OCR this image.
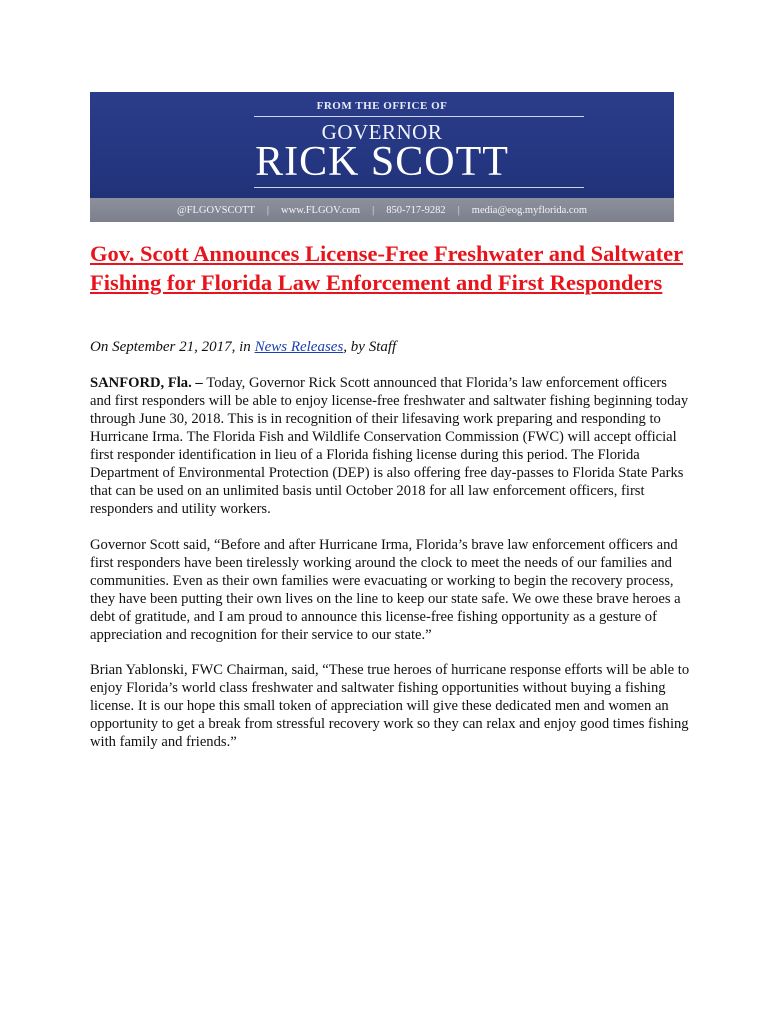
FROM THE OFFICE OF
GOVERNOR
RICK SCOTT
@FLGOVSCOTT | www.FLGOV.com | 850-717-9282 | media@eog.myflorida.com
Gov. Scott Announces License-Free Freshwater and Saltwater Fishing for Florida Law Enforcement and First Responders

On September 21, 2017, in News Releases, by Staff

SANFORD, Fla. – Today, Governor Rick Scott announced that Florida’s law enforcement officers and first responders will be able to enjoy license-free freshwater and saltwater fishing beginning today through June 30, 2018. This is in recognition of their lifesaving work preparing and responding to Hurricane Irma. The Florida Fish and Wildlife Conservation Commission (FWC) will accept official first responder identification in lieu of a Florida fishing license during this period. The Florida Department of Environmental Protection (DEP) is also offering free day-passes to Florida State Parks that can be used on an unlimited basis until October 2018 for all law enforcement officers, first responders and utility workers.

Governor Scott said, “Before and after Hurricane Irma, Florida’s brave law enforcement officers and first responders have been tirelessly working around the clock to meet the needs of our families and communities. Even as their own families were evacuating or working to begin the recovery process, they have been putting their own lives on the line to keep our state safe. We owe these brave heroes a debt of gratitude, and I am proud to announce this license-free fishing opportunity as a gesture of appreciation and recognition for their service to our state.”

Brian Yablonski, FWC Chairman, said, “These true heroes of hurricane response efforts will be able to enjoy Florida’s world class freshwater and saltwater fishing opportunities without buying a fishing license. It is our hope this small token of appreciation will give these dedicated men and women an opportunity to get a break from stressful recovery work so they can relax and enjoy good times fishing with family and friends.”
